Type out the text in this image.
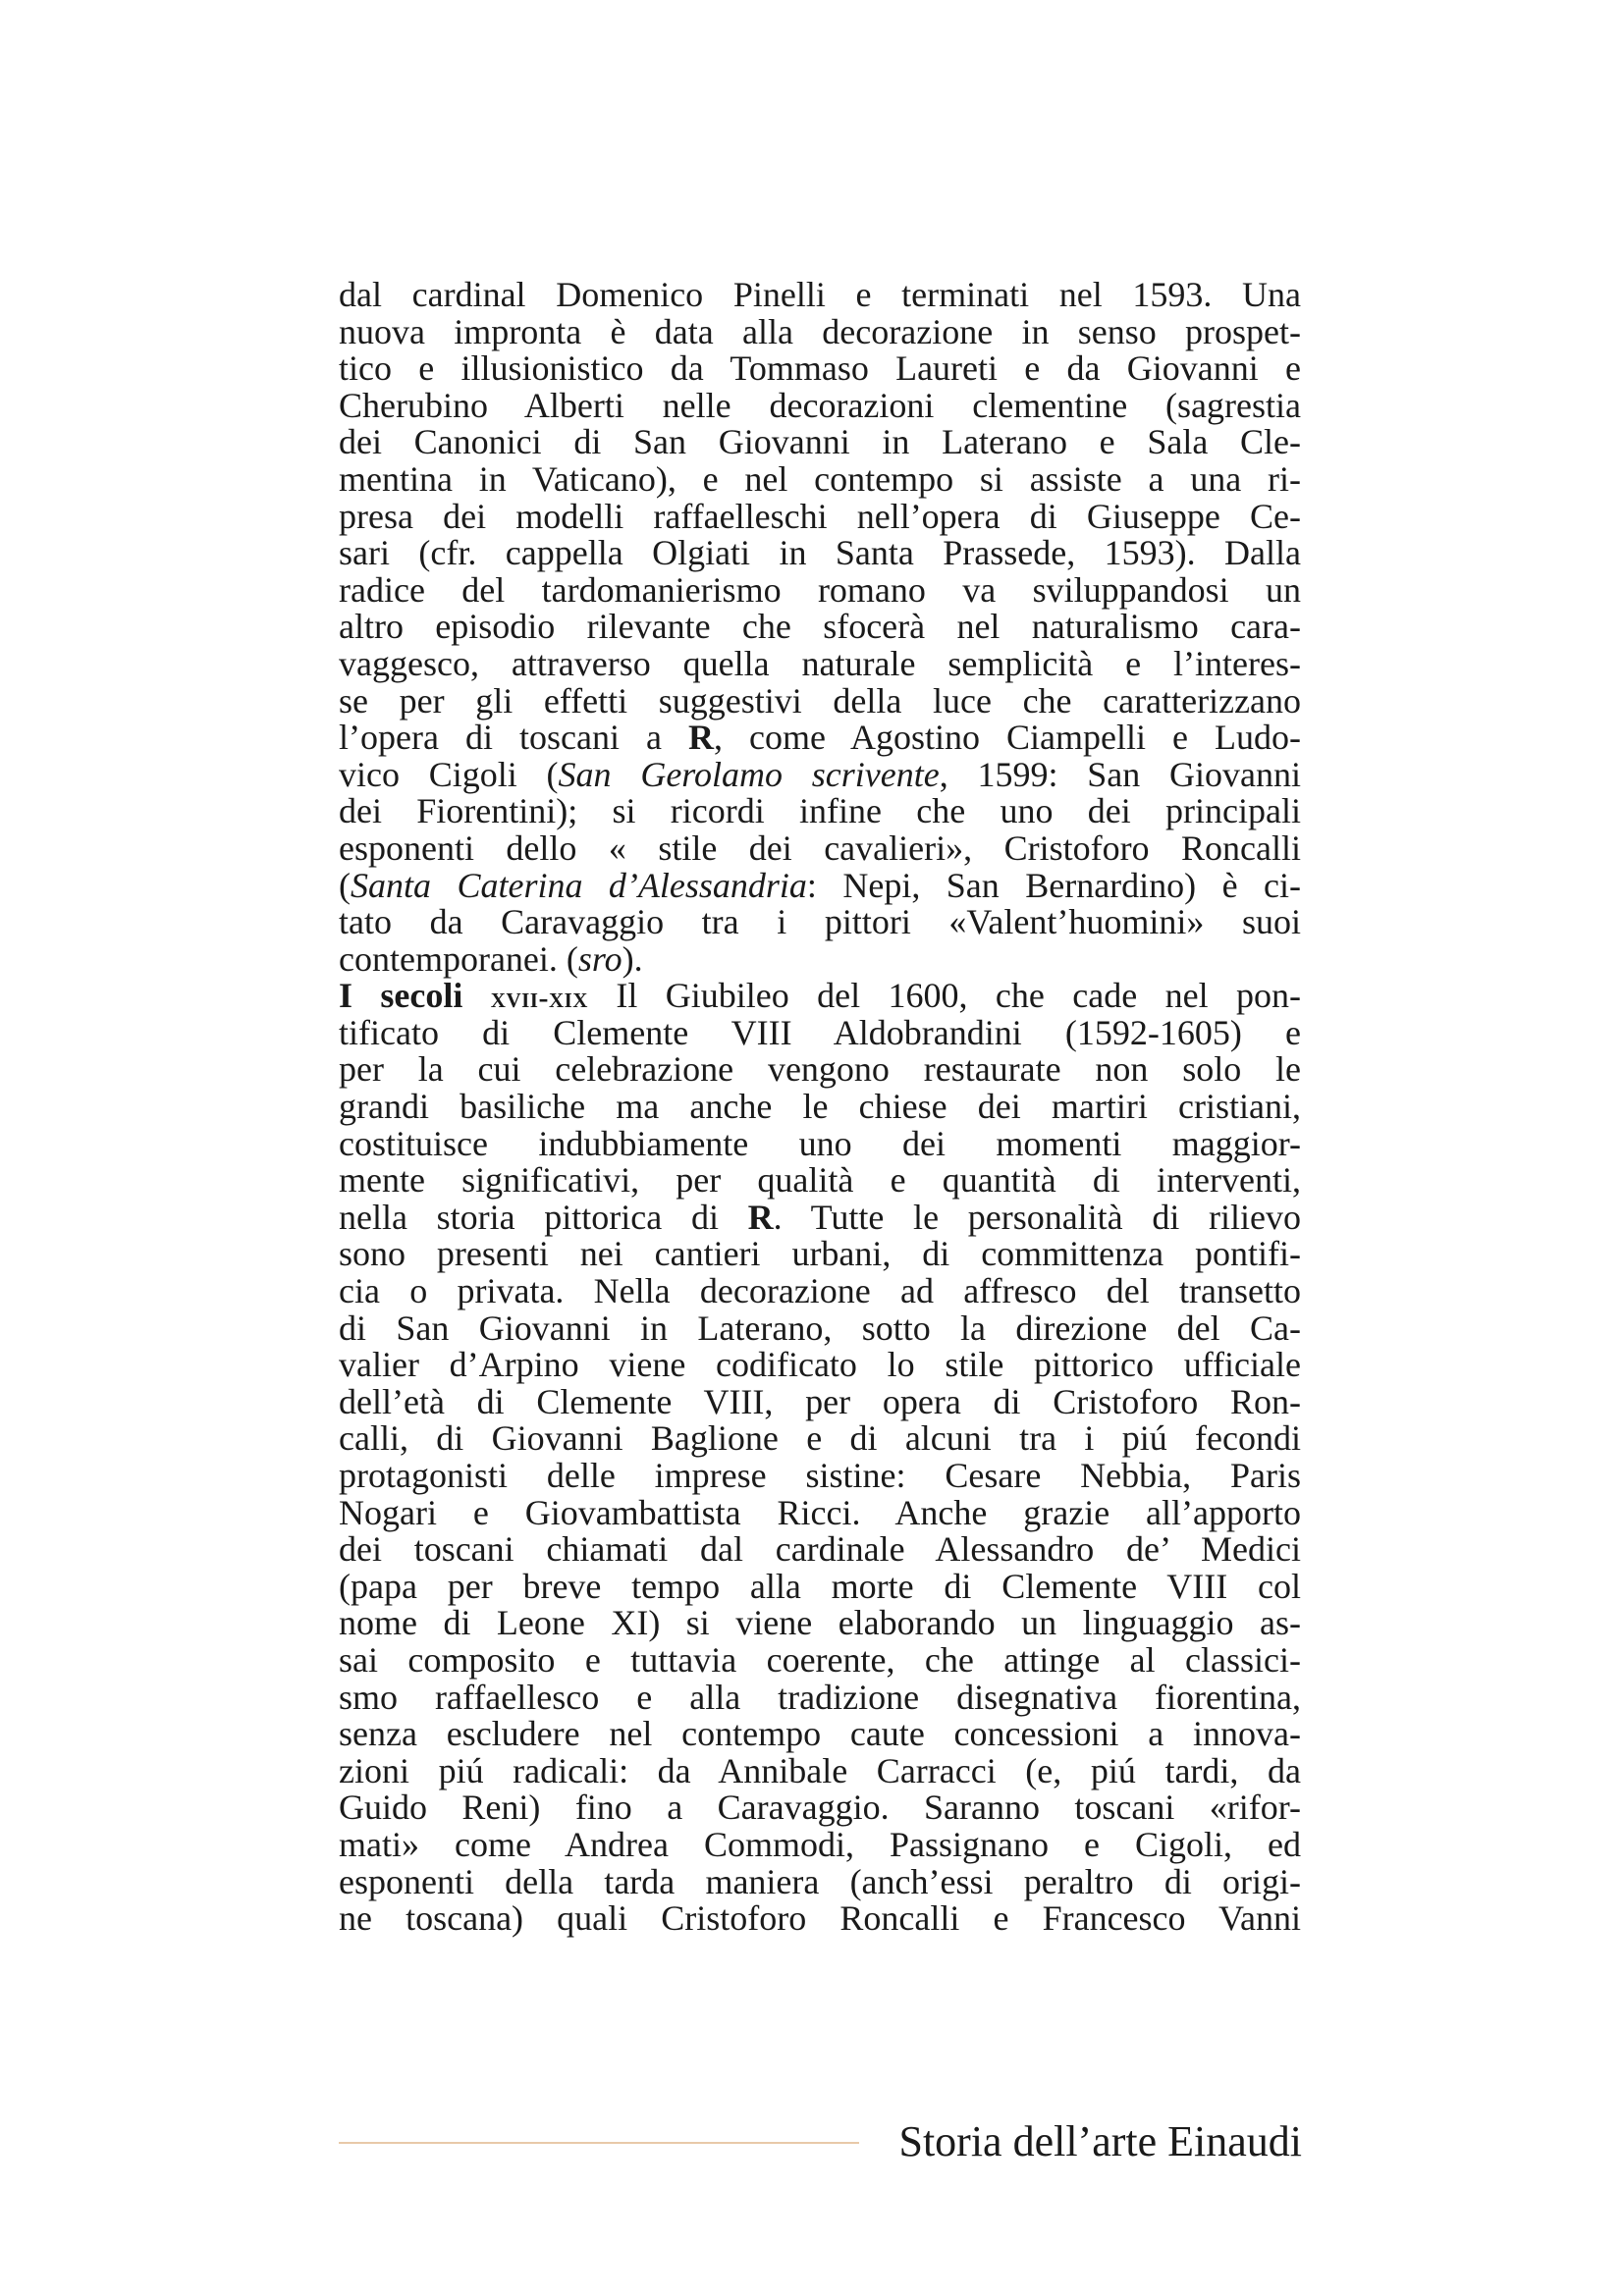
dal cardinal Domenico Pinelli e terminati nel 1593. Una
nuova impronta è data alla decorazione in senso prospet-
tico e illusionistico da Tommaso Laureti e da Giovanni e
Cherubino Alberti nelle decorazioni clementine (sagrestia
dei Canonici di San Giovanni in Laterano e Sala Cle-
mentina in Vaticano), e nel contempo si assiste a una ri-
presa dei modelli raffaelleschi nell’opera di Giuseppe Ce-
sari (cfr. cappella Olgiati in Santa Prassede, 1593). Dalla
radice del tardomanierismo romano va sviluppandosi un
altro episodio rilevante che sfocerà nel naturalismo cara-
vaggesco, attraverso quella naturale semplicità e l’interes-
se per gli effetti suggestivi della luce che caratterizzano
l’opera di toscani a R, come Agostino Ciampelli e Ludo-
vico Cigoli (San Gerolamo scrivente, 1599: San Giovanni
dei Fiorentini); si ricordi infine che uno dei principali
esponenti dello « stile dei cavalieri», Cristoforo Roncalli
(Santa Caterina d’Alessandria: Nepi, San Bernardino) è ci-
tato da Caravaggio tra i pittori «Valent’huomini» suoi
contemporanei. (sro).
I secoli xvii-xix Il Giubileo del 1600, che cade nel pon-
tificato di Clemente VIII Aldobrandini (1592-1605) e
per la cui celebrazione vengono restaurate non solo le
grandi basiliche ma anche le chiese dei martiri cristiani,
costituisce indubbiamente uno dei momenti maggior-
mente significativi, per qualità e quantità di interventi,
nella storia pittorica di R. Tutte le personalità di rilievo
sono presenti nei cantieri urbani, di committenza pontifi-
cia o privata. Nella decorazione ad affresco del transetto
di San Giovanni in Laterano, sotto la direzione del Ca-
valier d’Arpino viene codificato lo stile pittorico ufficiale
dell’età di Clemente VIII, per opera di Cristoforo Ron-
calli, di Giovanni Baglione e di alcuni tra i piú fecondi
protagonisti delle imprese sistine: Cesare Nebbia, Paris
Nogari e Giovambattista Ricci. Anche grazie all’apporto
dei toscani chiamati dal cardinale Alessandro de’ Medici
(papa per breve tempo alla morte di Clemente VIII col
nome di Leone XI) si viene elaborando un linguaggio as-
sai composito e tuttavia coerente, che attinge al classici-
smo raffaellesco e alla tradizione disegnativa fiorentina,
senza escludere nel contempo caute concessioni a innova-
zioni piú radicali: da Annibale Carracci (e, piú tardi, da
Guido Reni) fino a Caravaggio. Saranno toscani «rifor-
mati» come Andrea Commodi, Passignano e Cigoli, ed
esponenti della tarda maniera (anch’essi peraltro di origi-
ne toscana) quali Cristoforo Roncalli e Francesco Vanni
Storia dell’arte Einaudi
